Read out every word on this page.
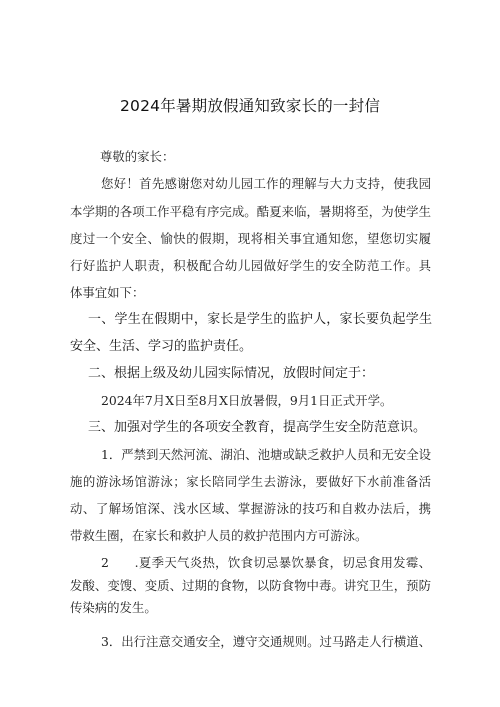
2024年暑期放假通知致家长的一封信
尊敬的家长：
您好！首先感谢您对幼儿园工作的理解与大力支持，使我园
本学期的各项工作平稳有序完成。酷夏来临，暑期将至，为使学生
度过一个安全、愉快的假期，现将相关事宜通知您，望您切实履
行好监护人职责，积极配合幼儿园做好学生的安全防范工作。具
体事宜如下：
一、学生在假期中，家长是学生的监护人，家长要负起学生
安全、生活、学习的监护责任。
二、根据上级及幼儿园实际情况，放假时间定于：
2024年7月X日至8月X日放暑假，9月1日正式开学。
三、加强对学生的各项安全教育，提高学生安全防范意识。
1．严禁到天然河流、湖泊、池塘或缺乏救护人员和无安全设
施的游泳场馆游泳；家长陪同学生去游泳，要做好下水前准备活
动、了解场馆深、浅水区域、掌握游泳的技巧和自救办法后，携
带救生圈，在家长和救护人员的救护范围内方可游泳。
2　　.夏季天气炎热，饮食切忌暴饮暴食，切忌食用发霉、
发酸、变馊、变质、过期的食物，以防食物中毒。讲究卫生，预防
传染病的发生。
3．出行注意交通安全，遵守交通规则。过马路走人行横道、
